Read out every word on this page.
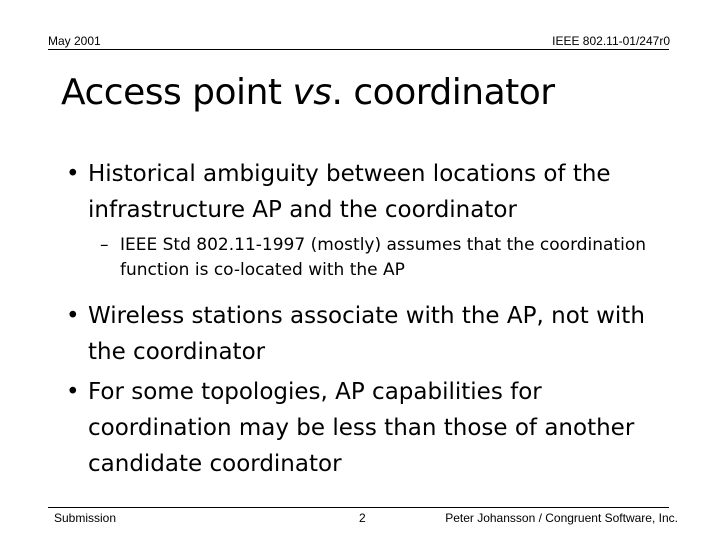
May 2001	IEEE 802.11-01/247r0
Access point vs. coordinator
• Historical ambiguity between locations of the infrastructure AP and the coordinator
– IEEE Std 802.11-1997 (mostly) assumes that the coordination function is co-located with the AP
• Wireless stations associate with the AP, not with the coordinator
• For some topologies, AP capabilities for coordination may be less than those of another candidate coordinator
Submission	2	Peter Johansson / Congruent Software, Inc.
